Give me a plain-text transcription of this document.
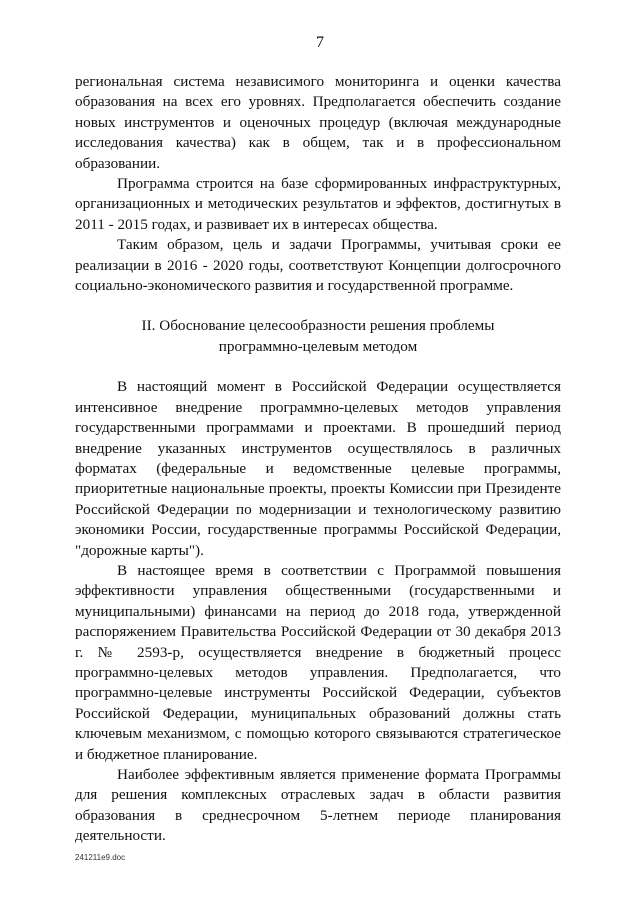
7

региональная система независимого мониторинга и оценки качества образования на всех его уровнях. Предполагается обеспечить создание новых инструментов и оценочных процедур (включая международные исследования качества) как в общем, так и в профессиональном образовании.

Программа строится на базе сформированных инфраструктурных, организационных и методических результатов и эффектов, достигнутых в 2011 - 2015 годах, и развивает их в интересах общества.

Таким образом, цель и задачи Программы, учитывая сроки ее реализации в 2016 - 2020 годы, соответствуют Концепции долгосрочного социально-экономического развития и государственной программе.

II. Обоснование целесообразности решения проблемы
программно-целевым методом

В настоящий момент в Российской Федерации осуществляется интенсивное внедрение программно-целевых методов управления государственными программами и проектами. В прошедший период внедрение указанных инструментов осуществлялось в различных форматах (федеральные и ведомственные целевые программы, приоритетные национальные проекты, проекты Комиссии при Президенте Российской Федерации по модернизации и технологическому развитию экономики России, государственные программы Российской Федерации, "дорожные карты").

В настоящее время в соответствии с Программой повышения эффективности управления общественными (государственными и муниципальными) финансами на период до 2018 года, утвержденной распоряжением Правительства Российской Федерации от 30 декабря 2013 г. № 2593-р, осуществляется внедрение в бюджетный процесс программно-целевых методов управления. Предполагается, что программно-целевые инструменты Российской Федерации, субъектов Российской Федерации, муниципальных образований должны стать ключевым механизмом, с помощью которого связываются стратегическое и бюджетное планирование.

Наиболее эффективным является применение формата Программы для решения комплексных отраслевых задач в области развития образования в среднесрочном 5-летнем периоде планирования деятельности.

241211e9.doc
